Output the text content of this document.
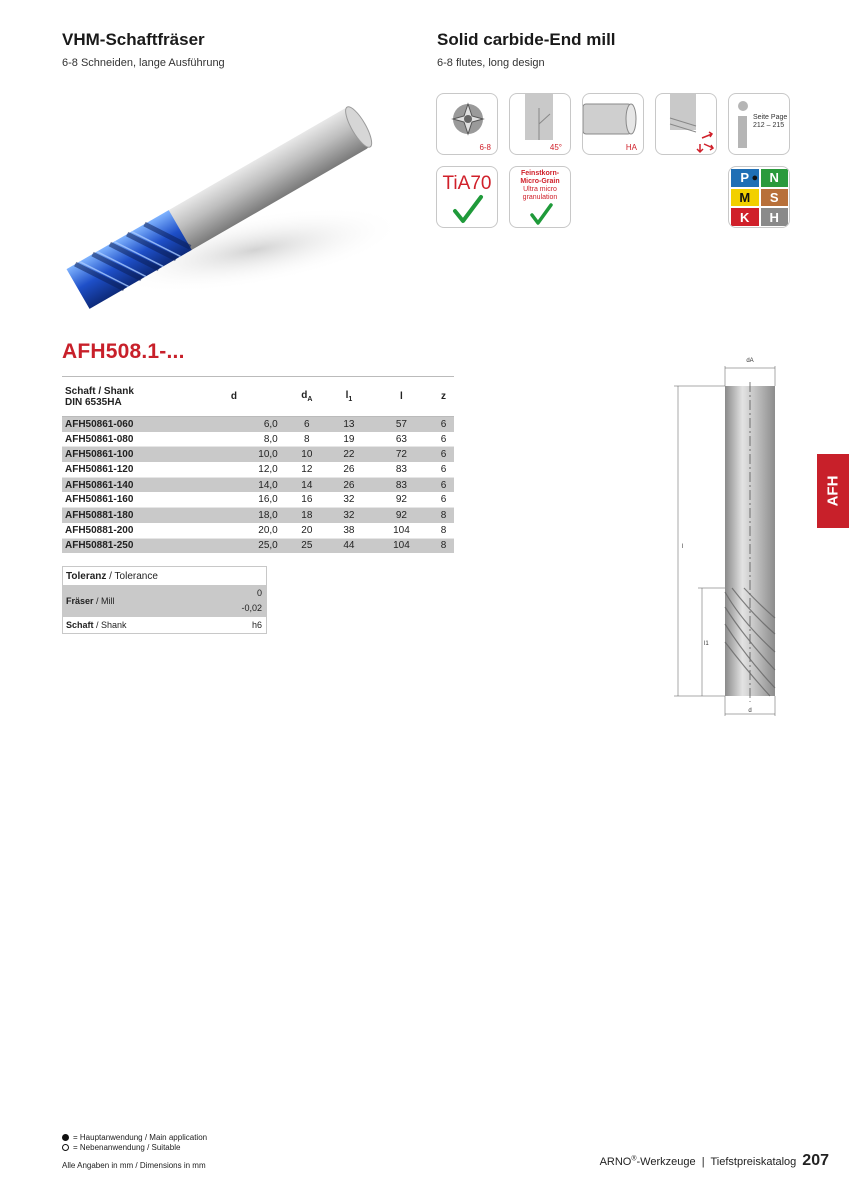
VHM-Schaftfräser
6-8 Schneiden, lange Ausführung
Solid carbide-End mill
6-8 flutes, long design
6-8	45°	HA
Seite Page
212 – 215
TiA70	Feinstkorn-
Micro-Grain
Ultra micro
granulation
P N
●
M S
K H
AFH508.1-...
Schaft / Shank
DIN 6535HA	d	$d_A$	$l_1$	l	z
AFH50861-060	6,0	6	13	57	6
AFH50861-080	8,0	8	19	63	6
AFH50861-100	10,0	10	22	72	6
AFH50861-120	12,0	12	26	83	6
AFH50861-140	14,0	14	26	83	6
AFH50861-160	16,0	16	32	92	6
AFH50881-180	18,0	18	32	92	8
AFH50881-200	20,0	20	38	104	8
AFH50881-250	25,0	25	44	104	8
Toleranz / Tolerance
Fräser / Mill
0
-0,02
Schaft / Shank	h6
dA
l
l1
d
AFH
= Hauptanwendung / Main application
= Nebenanwendung / Suitable
Alle Angaben in mm / Dimensions in mm	ARNO®-Werkzeuge  |  Tiefstpreiskatalog 207
